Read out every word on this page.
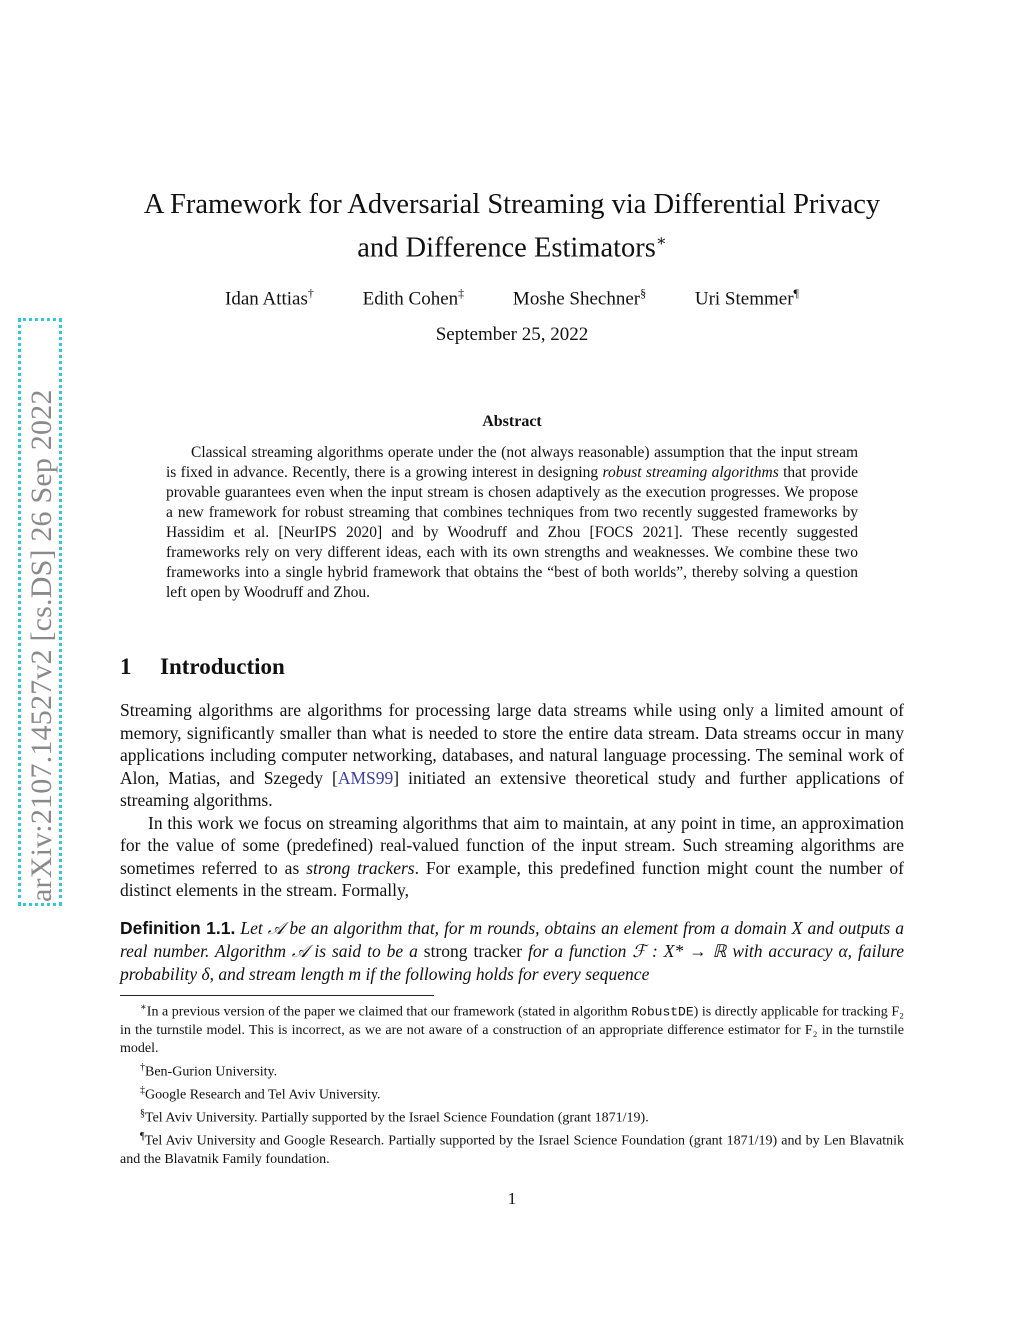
arXiv:2107.14527v2 [cs.DS] 26 Sep 2022
A Framework for Adversarial Streaming via Differential Privacy
and Difference Estimators∗
Idan Attias†	Edith Cohen‡	Moshe Shechner§	Uri Stemmer¶
September 25, 2022
Abstract
Classical streaming algorithms operate under the (not always reasonable) assumption that the input stream is fixed in advance. Recently, there is a growing interest in designing robust streaming algorithms that provide provable guarantees even when the input stream is chosen adaptively as the execution progresses. We propose a new framework for robust streaming that combines techniques from two recently suggested frameworks by Hassidim et al. [NeurIPS 2020] and by Woodruff and Zhou [FOCS 2021]. These recently suggested frameworks rely on very different ideas, each with its own strengths and weaknesses. We combine these two frameworks into a single hybrid framework that obtains the “best of both worlds”, thereby solving a question left open by Woodruff and Zhou.
1 Introduction

Streaming algorithms are algorithms for processing large data streams while using only a limited amount of memory, significantly smaller than what is needed to store the entire data stream. Data streams occur in many applications including computer networking, databases, and natural language processing. The seminal work of Alon, Matias, and Szegedy [AMS99] initiated an extensive theoretical study and further applications of streaming algorithms.

In this work we focus on streaming algorithms that aim to maintain, at any point in time, an approximation for the value of some (predefined) real-valued function of the input stream. Such streaming algorithms are sometimes referred to as strong trackers. For example, this predefined function might count the number of distinct elements in the stream. Formally,

Definition 1.1. Let 𝒜 be an algorithm that, for m rounds, obtains an element from a domain X and outputs a real number. Algorithm 𝒜 is said to be a strong tracker for a function ℱ : X* → ℝ with accuracy α, failure probability δ, and stream length m if the following holds for every sequence

∗In a previous version of the paper we claimed that our framework (stated in algorithm RobustDE) is directly applicable for tracking F₂ in the turnstile model. This is incorrect, as we are not aware of a construction of an appropriate difference estimator for F₂ in the turnstile model.

†Ben-Gurion University.

‡Google Research and Tel Aviv University.

§Tel Aviv University. Partially supported by the Israel Science Foundation (grant 1871/19).

¶Tel Aviv University and Google Research. Partially supported by the Israel Science Foundation (grant 1871/19) and by Len Blavatnik and the Blavatnik Family foundation.

1
